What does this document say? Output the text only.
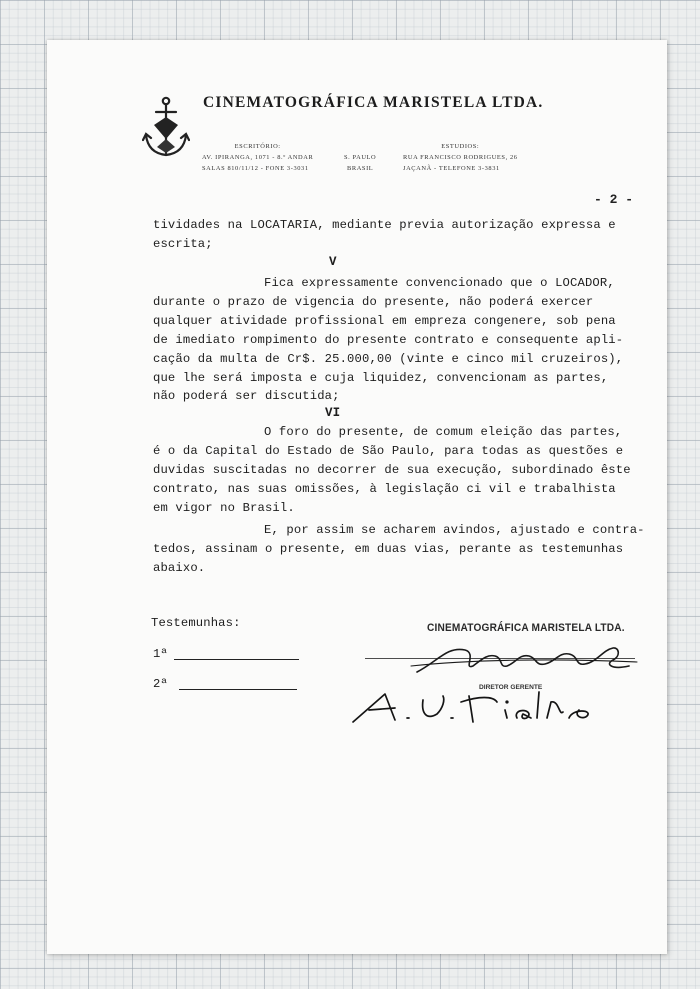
CINEMATOGRÁFICA MARISTELA LTDA.
ESCRITÓRIO:
AV. IPIRANGA, 1071 - 8.º ANDAR
SALAS 810/11/12 - FONE 3-3031
S. PAULO
BRASIL
ESTUDIOS:
RUA FRANCISCO RODRIGUES, 26
JAÇANÃ - TELEFONE 3-3831
- 2 -
tividades na LOCATARIA, mediante previa autorização expressa e
escrita;
V
Fica expressamente convencionado que o LOCADOR,
durante o prazo de vigencia do presente, não poderá exercer
qualquer atividade profissional em empreza congenere, sob pena
de imediato rompimento do presente contrato e consequente apli-
cação da multa de Cr$. 25.000,00 (vinte e cinco mil cruzeiros),
que lhe será imposta e cuja liquidez, convencionam as partes,
não poderá ser discutida;
VI
O foro do presente, de comum eleição das partes,
é o da Capital do Estado de São Paulo, para todas as questões e
duvidas suscitadas no decorrer de sua execução, subordinado êste
contrato, nas suas omissões, à legislação ci vil e trabalhista
em vigor no Brasil.
E, por assim se acharem avindos, ajustado e contra-
tedos, assinam o presente, em duas vias, perante as testemunhas
abaixo.
Testemunhas:
1ª
2ª
CINEMATOGRÁFICA MARISTELA LTDA.
DIRETOR GERENTE
